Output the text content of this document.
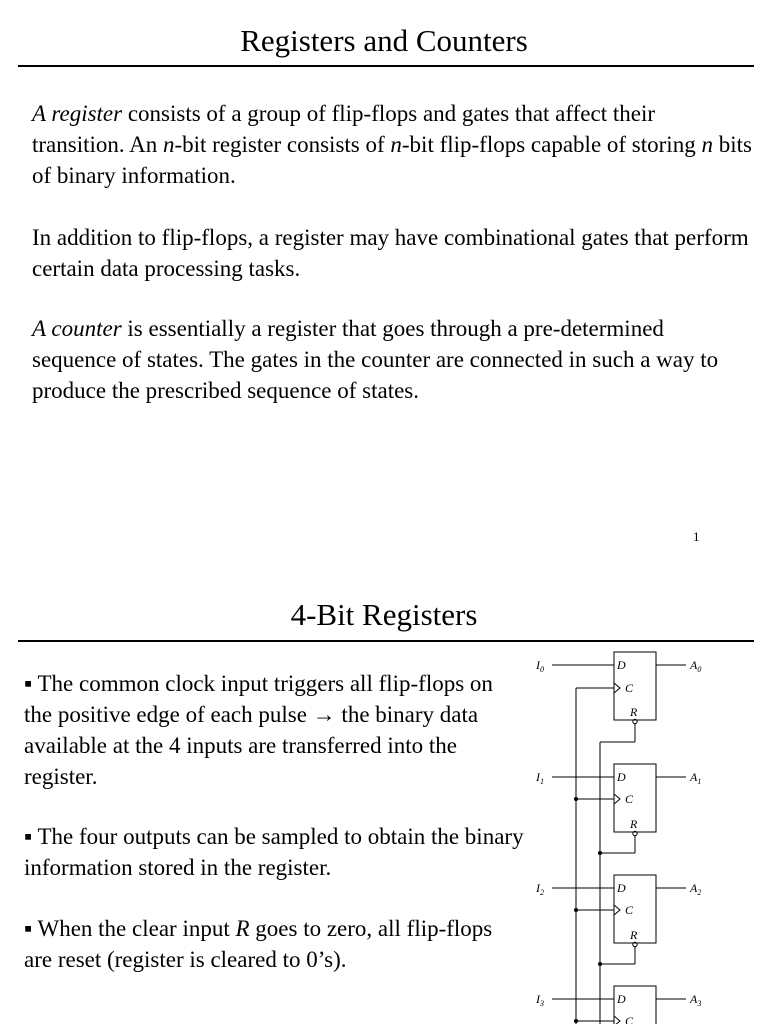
Registers and Counters

A register consists of a group of flip-flops and gates that affect their transition. An n-bit register consists of n-bit flip-flops capable of storing n bits of binary information.

In addition to flip-flops, a register may have combinational gates that perform certain data processing tasks.

A counter is essentially a register that goes through a pre-determined sequence of states. The gates in the counter are connected in such a way to produce the prescribed sequence of states.

1
4-Bit Registers

▪ The common clock input triggers all flip-flops on the positive edge of each pulse → the binary data available at the 4 inputs are transferred into the register.

▪ The four outputs can be sampled to obtain the binary information stored in the register.

▪ When the clear input R goes to zero, all flip-flops are reset (register is cleared to 0’s).

D
C
R
D
C
R
D
C
R
D
C
$I_0$
$I_1$
$I_2$
$I_3$
$A_0$
$A_1$
$A_2$
$A_3$
